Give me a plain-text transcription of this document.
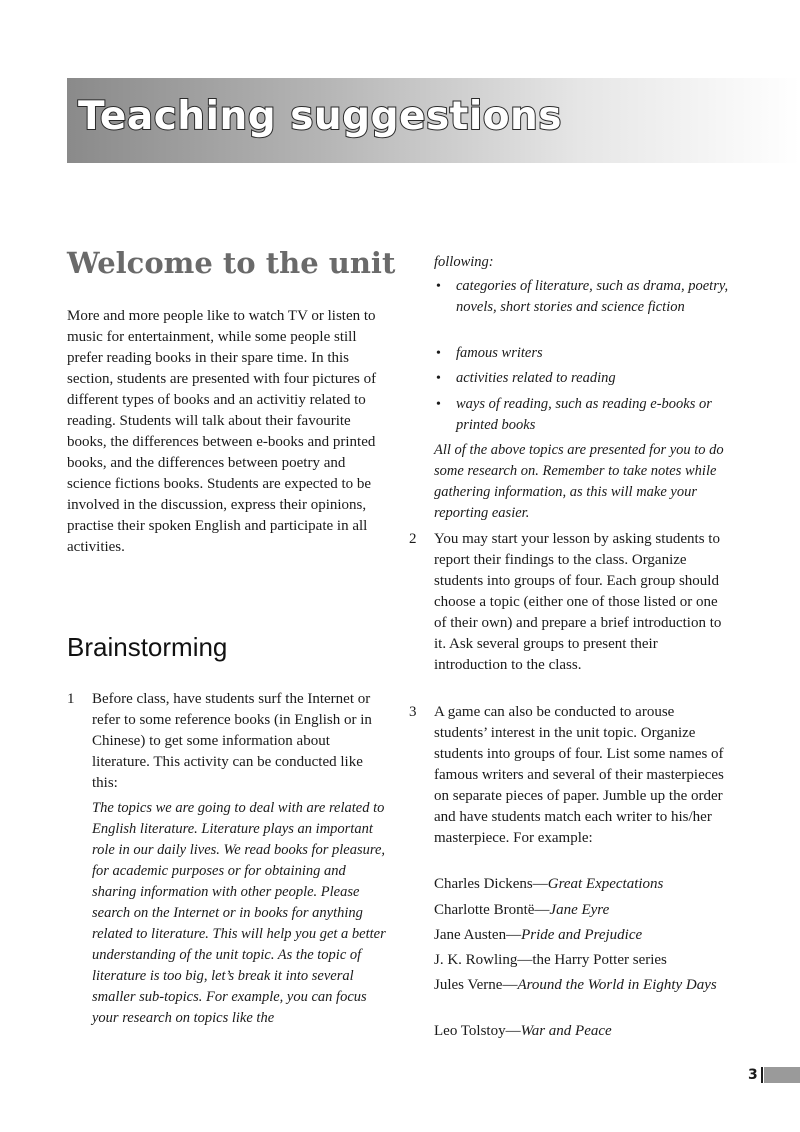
Teaching suggestions
Welcome to the unit

More and more people like to watch TV or listen to music for entertainment, while some people still prefer reading books in their spare time. In this section, students are presented with four pictures of different types of books and an activitiy related to reading. Students will talk about their favourite books, the differences between e-books and printed books, and the differences between poetry and science fictions books. Students are expected to be involved in the discussion, express their opinions, practise their spoken English and participate in all activities.

Brainstorming
1 Before class, have students surf the Internet or refer to some reference books (in English or in Chinese) to get some information about literature. This activity can be conducted like this:

The topics we are going to deal with are related to English literature. Literature plays an important role in our daily lives. We read books for pleasure, for academic purposes or for obtaining and sharing information with other people. Please search on the Internet or in books for anything related to literature. This will help you get a better understanding of the unit topic. As the topic of literature is too big, let’s break it into several smaller sub-topics. For example, you can focus your research on topics like the

following:

• categories of literature, such as drama, poetry, novels, short stories and science fiction
• famous writers
• activities related to reading
• ways of reading, such as reading e-books or printed books

All of the above topics are presented for you to do some research on. Remember to take notes while gathering information, as this will make your reporting easier.

2 You may start your lesson by asking students to report their findings to the class. Organize students into groups of four. Each group should choose a topic (either one of those listed or one of their own) and prepare a brief introduction to it. Ask several groups to present their introduction to the class.

3 A game can also be conducted to arouse students’ interest in the unit topic. Organize students into groups of four. List some names of famous writers and several of their masterpieces on separate pieces of paper. Jumble up the order and have students match each writer to his/her masterpiece. For example:

Charles Dickens—Great Expectations
Charlotte Brontë—Jane Eyre
Jane Austen—Pride and Prejudice
J. K. Rowling—the Harry Potter series
Jules Verne—Around the World in Eighty Days
Leo Tolstoy—War and Peace
3
